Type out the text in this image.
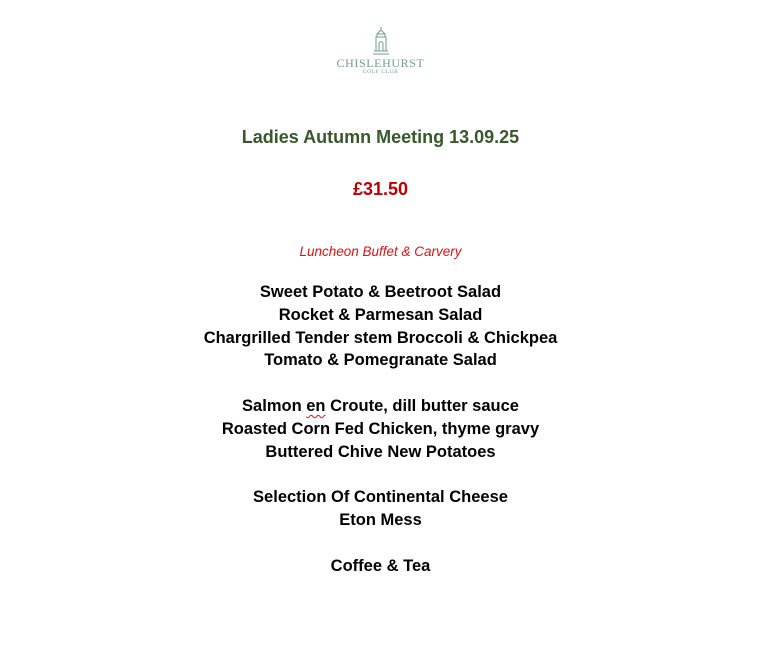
CHISLEHURST
GOLF CLUB
Ladies Autumn Meeting 13.09.25
£31.50
Luncheon Buffet & Carvery
Sweet Potato & Beetroot Salad
Rocket & Parmesan Salad
Chargrilled Tender stem Broccoli & Chickpea
Tomato & Pomegranate Salad
Salmon en Croute, dill butter sauce
Roasted Corn Fed Chicken, thyme gravy
Buttered Chive New Potatoes
Selection Of Continental Cheese
Eton Mess
Coffee & Tea
